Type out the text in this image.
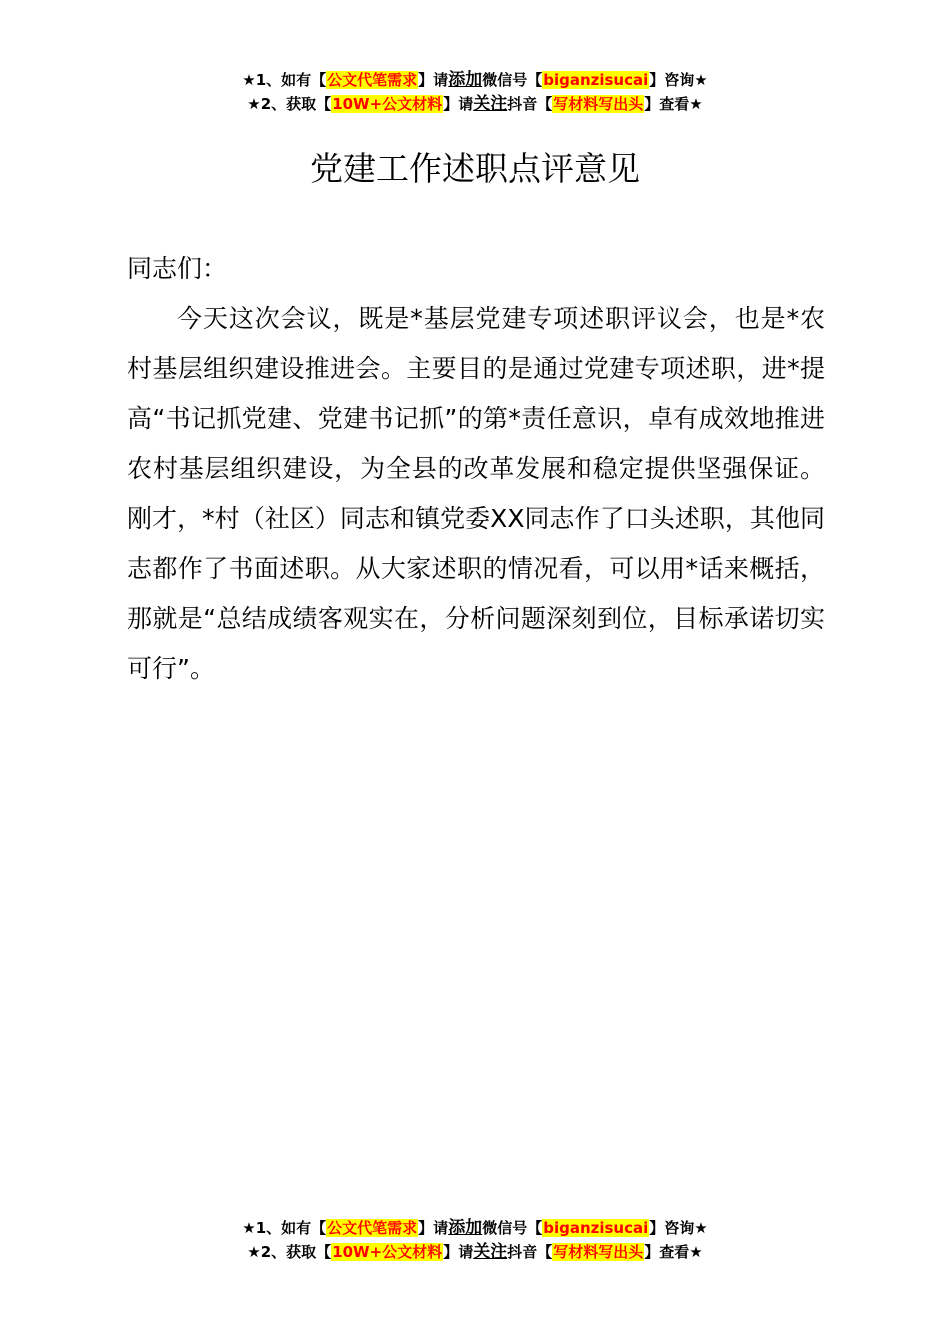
★1、如有【公文代笔需求】请添加微信号【biganzisucai】咨询★
★2、获取【10W+公文材料】请关注抖音【写材料写出头】查看★
党建工作述职点评意见

同志们：

今天这次会议，既是*基层党建专项述职评议会，也是*农村基层组织建设推进会。主要目的是通过党建专项述职，进*提高“书记抓党建、党建书记抓”的第*责任意识，卓有成效地推进农村基层组织建设，为全县的改革发展和稳定提供坚强保证。刚才，*村（社区）同志和镇党委XX同志作了口头述职，其他同志都作了书面述职。从大家述职的情况看，可以用*话来概括，那就是“总结成绩客观实在，分析问题深刻到位，目标承诺切实可行”。

★1、如有【公文代笔需求】请添加微信号【biganzisucai】咨询★
★2、获取【10W+公文材料】请关注抖音【写材料写出头】查看★
